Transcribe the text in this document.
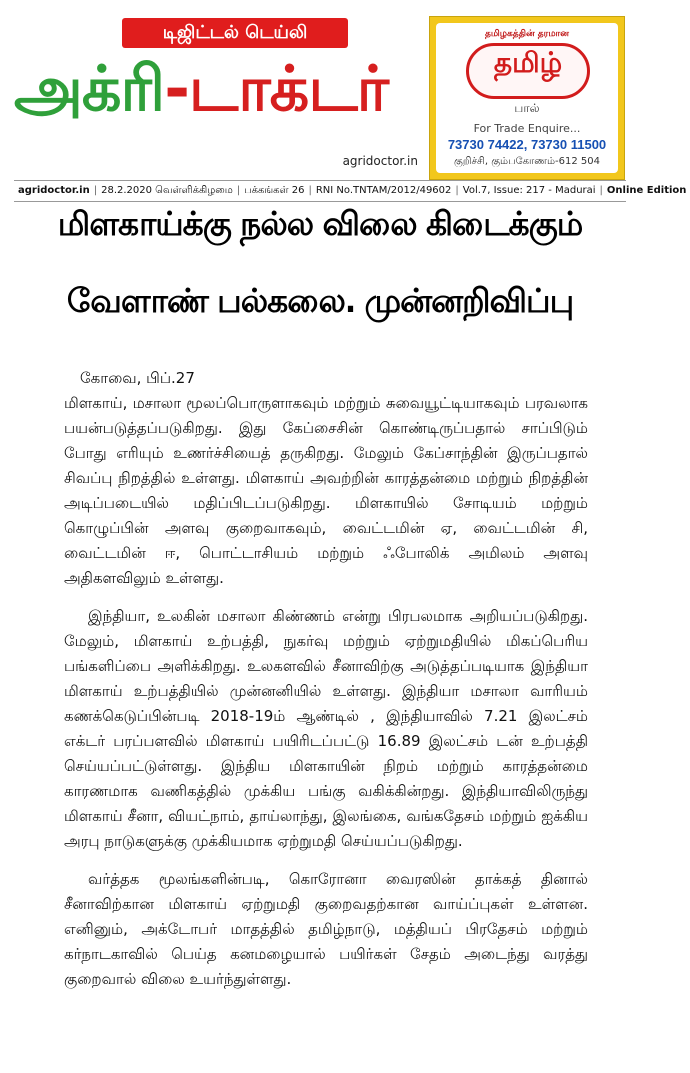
டிஜிட்டல் டெய்லி
அக்ரி-டாக்டர்
agridoctor.in
தமிழகத்தின் தரமான
தமிழ்
பால்
For Trade Enquire...
73730 74422, 73730 11500
குறிச்சி, கும்பகோணம்-612 504
agridoctor.in | 28.2.2020 வெள்ளிக்கிழமை | பக்கங்கள் 26 | RNI No.TNTAM/2012/49602 | Vol.7, Issue: 217 - Madurai | Online Edition
மிளகாய்க்கு நல்ல விலை கிடைக்கும்
வேளாண் பல்கலை. முன்னறிவிப்பு

கோவை, பிப்.27

மிளகாய், மசாலா மூலப்பொருளாகவும் மற்றும் சுவையூட்டியாகவும் பரவலாக பயன்படுத்தப்படுகிறது. இது கேப்சைசின் கொண்டிருப்பதால் சாப்பிடும் போது எரியும் உணர்ச்சியைத் தருகிறது. மேலும் கேப்சாந்தின் இருப்பதால் சிவப்பு நிறத்தில் உள்ளது. மிளகாய் அவற்றின் காரத்தன்மை மற்றும் நிறத்தின் அடிப்படையில் மதிப்பிடப்படுகிறது. மிளகாயில் சோடியம் மற்றும் கொழுப்பின் அளவு குறைவாகவும், வைட்டமின் ஏ, வைட்டமின் சி, வைட்டமின் ஈ, பொட்டாசியம் மற்றும் ஃபோலிக் அமிலம் அளவு அதிகளவிலும் உள்ளது.

இந்தியா, உலகின் மசாலா கிண்ணம் என்று பிரபலமாக அறியப்படுகிறது. மேலும், மிளகாய் உற்பத்தி, நுகர்வு மற்றும் ஏற்றுமதியில் மிகப்பெரிய பங்களிப்பை அளிக்கிறது. உலகளவில் சீனாவிற்கு அடுத்தப்படியாக இந்தியா மிளகாய் உற்பத்தியில் முன்னனியில் உள்ளது. இந்தியா மசாலா வாரியம் கணக்கெடுப்பின்படி 2018-19ம் ஆண்டில் , இந்தியாவில் 7.21 இலட்சம் எக்டர் பரப்பளவில் மிளகாய் பயிரிடப்பட்டு 16.89 இலட்சம் டன் உற்பத்தி செய்யப்பட்டுள்ளது. இந்திய மிளகாயின் நிறம் மற்றும் காரத்தன்மை காரணமாக வணிகத்தில் முக்கிய பங்கு வகிக்கின்றது. இந்தியாவிலிருந்து மிளகாய் சீனா, வியட்நாம், தாய்லாந்து, இலங்கை, வங்கதேசம் மற்றும் ஐக்கிய அரபு நாடுகளுக்கு முக்கியமாக ஏற்றுமதி செய்யப்படுகிறது.

வர்த்தக மூலங்களின்படி, கொரோனா வைரஸின் தாக்கத் தினால் சீனாவிற்கான மிளகாய் ஏற்றுமதி குறைவதற்கான வாய்ப்புகள் உள்ளன. எனினும், அக்டோபர் மாதத்தில் தமிழ்நாடு, மத்தியப் பிரதேசம் மற்றும் கர்நாடகாவில் பெய்த கனமழையால் பயிர்கள் சேதம் அடைந்து வரத்து குறைவால் விலை உயர்ந்துள்ளது.
